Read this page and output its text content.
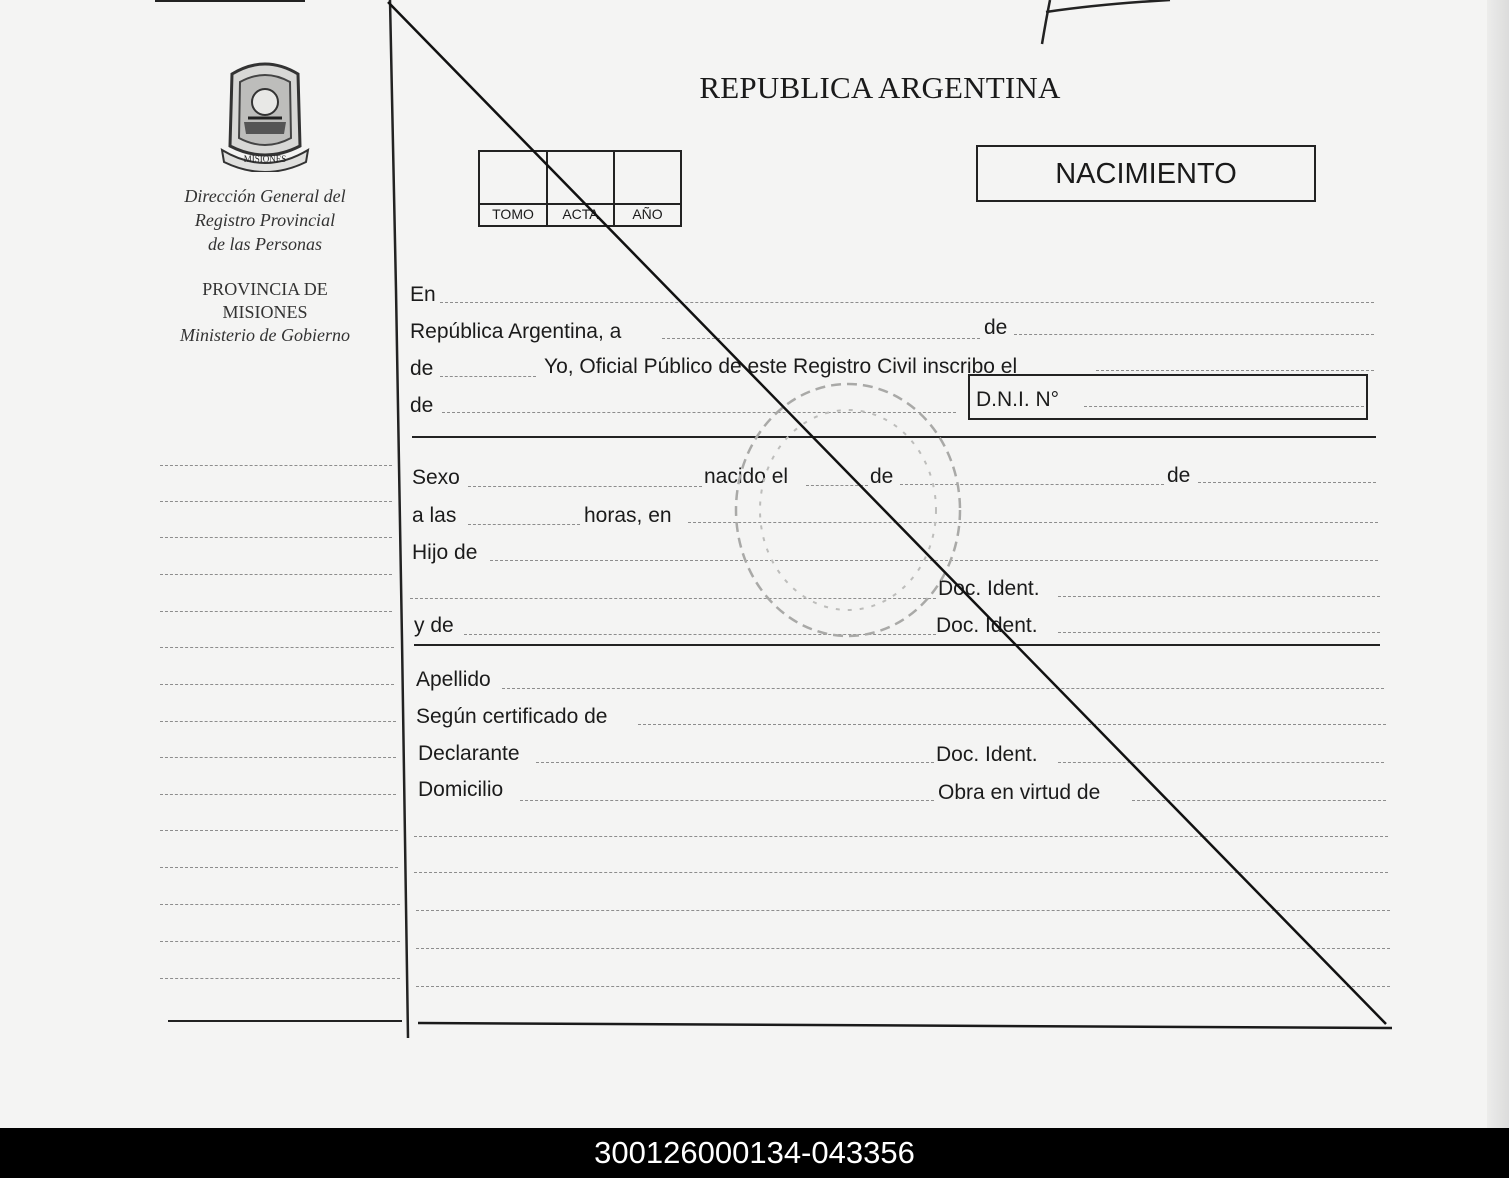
MISIONES
Dirección General del
Registro Provincial
de las Personas
PROVINCIA DE
MISIONES
Ministerio de Gobierno
REPUBLICA ARGENTINA
TOMO	ACTA	AÑO
NACIMIENTO
En
República Argentina, a	de
de	Yo, Oficial Público de este Registro Civil inscribo el
de	D.N.I. N°
Sexo	nacido el	de	de
a las	horas, en
Hijo de
Doc. Ident.
y de	Doc. Ident.
Apellido
Según certificado de
Declarante	Doc. Ident.
Domicilio	Obra en virtud de
300126000134-043356
